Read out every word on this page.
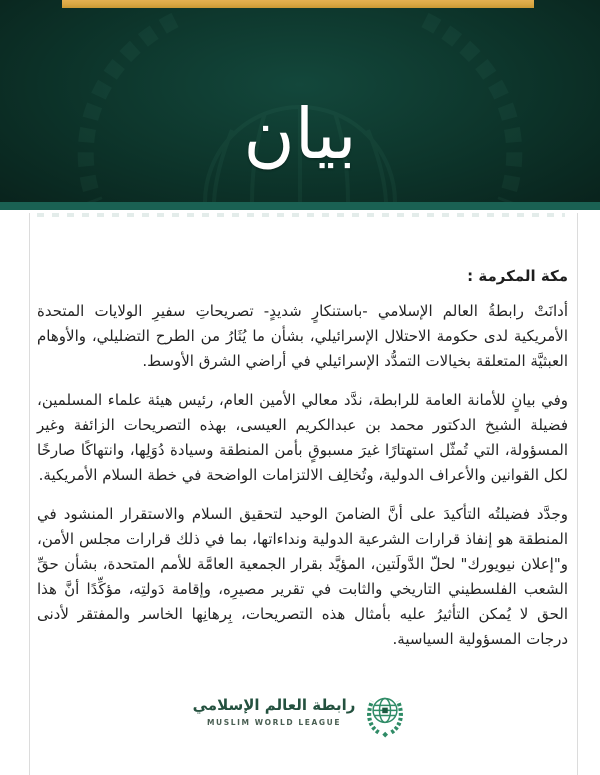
بيان
مكة المكرمة :

أدانَتْ رابطةُ العالم الإسلامي -باستنكارٍ شديدٍ- تصريحاتِ سفيرِ الولايات المتحدة الأمريكية لدى حكومة الاحتلال الإسرائيلي، بشأن ما يُثَارُ من الطرح التضليلي، والأوهام العبثيَّة المتعلقة بخيالات التمدُّد الإسرائيلي في أراضي الشرق الأوسط.

وفي بيانٍ للأمانة العامة للرابطة، ندَّد معالي الأمين العام، رئيس هيئة علماء المسلمين، فضيلة الشيخ الدكتور محمد بن عبدالكريم العيسى، بهذه التصريحات الزائفة وغير المسؤولة، التي تُمثّل استهتارًا غيرَ مسبوقٍ بأمن المنطقة وسيادة دُوَلِها، وانتهاكًا صارخًا لكل القوانين والأعراف الدولية، وتُخالِف الالتزامات الواضحة في خطة السلام الأمريكية.

وجدَّد فضيلتُه التأكيدَ على أنَّ الضامنَ الوحيد لتحقيق السلام والاستقرار المنشود في المنطقة هو إنفاذ قرارات الشرعية الدولية ونداءاتها، بما في ذلك قرارات مجلس الأمن، و"إعلان نيويورك" لحلّ الدَّولَتين، المؤيَّد بقرار الجمعية العامَّة للأمم المتحدة، بشأن حقِّ الشعب الفلسطيني التاريخي والثابت في تقرير مصيرِه، وإقامة دَولتِه، مؤكِّدًا أنَّ هذا الحق لا يُمكن التأثيرُ عليه بأمثال هذه التصريحات، بِرهانِها الخاسر والمفتقر لأدنى درجات المسؤولية السياسية.

رابطة العالم الإسلامي
MUSLIM WORLD LEAGUE
